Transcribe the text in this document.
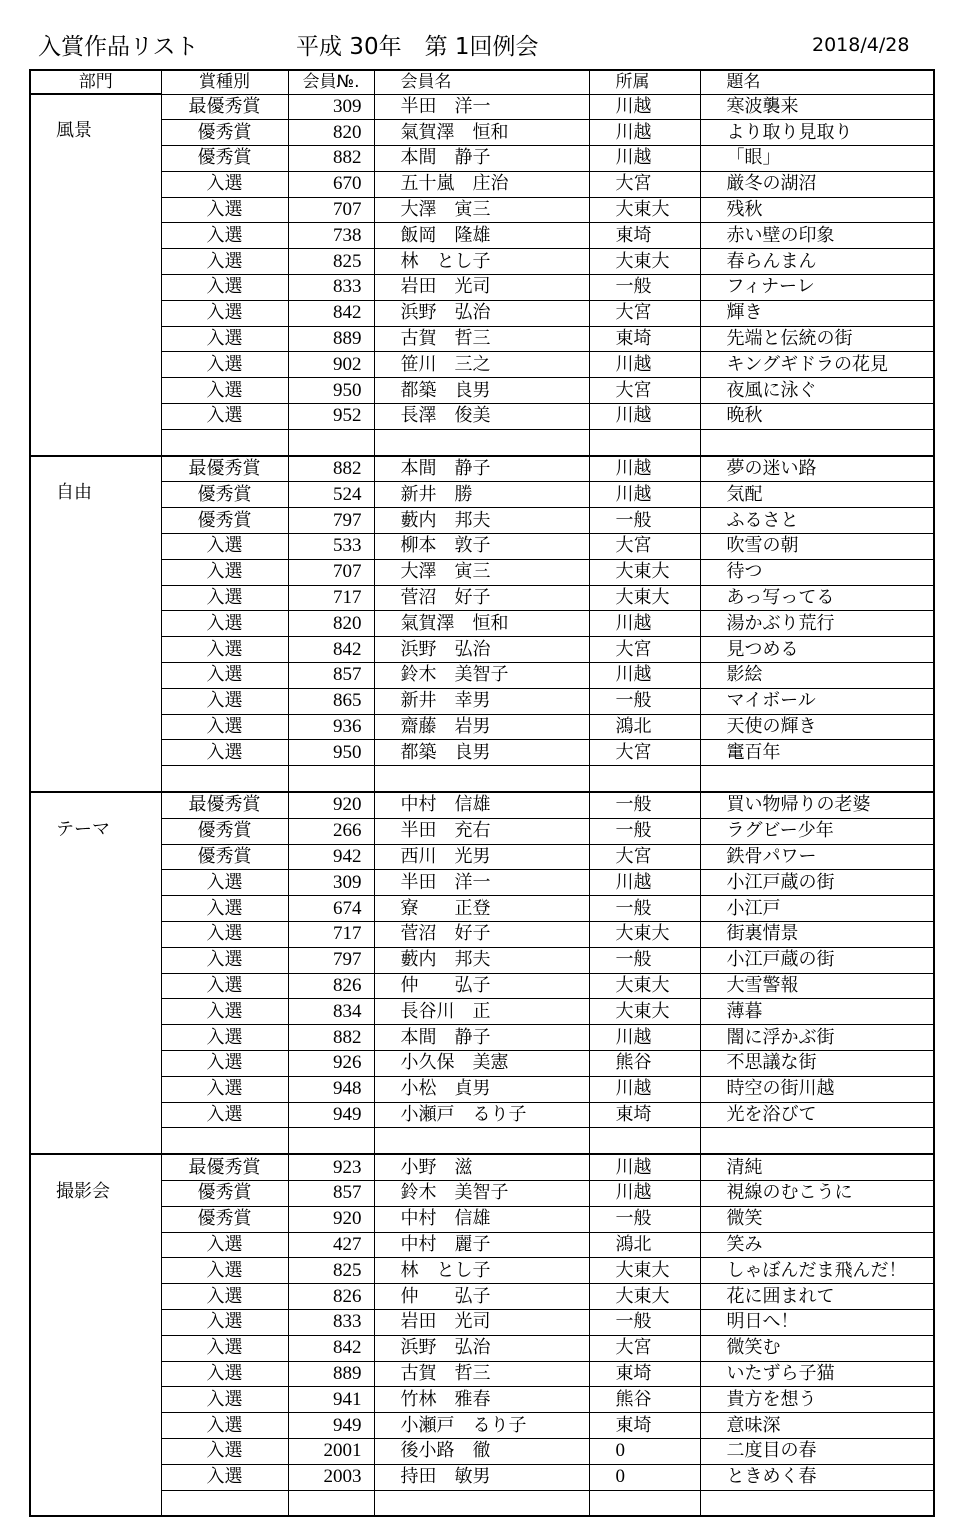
入賞作品リスト	平成 30年　第 1回例会	2018/4/28
部門	賞種別	会員№.	会員名	所属	題名
風景	最優秀賞	309	半田　洋一	川越	寒波襲来
	優秀賞	820	氣賀澤　恒和	川越	より取り見取り
	優秀賞	882	本間　静子	川越	「眼」
	入選	670	五十嵐　庄治	大宮	厳冬の湖沼
	入選	707	大澤　寅三	大東大	残秋
	入選	738	飯岡　隆雄	東埼	赤い壁の印象
	入選	825	林　とし子	大東大	春らんまん
	入選	833	岩田　光司	一般	フィナーレ
	入選	842	浜野　弘治	大宮	輝き
	入選	889	古賀　哲三	東埼	先端と伝統の街
	入選	902	笹川　三之	川越	キングギドラの花見
	入選	950	都築　良男	大宮	夜風に泳ぐ
	入選	952	長澤　俊美	川越	晩秋

自由	最優秀賞	882	本間　静子	川越	夢の迷い路
	優秀賞	524	新井　勝	川越	気配
	優秀賞	797	藪内　邦夫	一般	ふるさと
	入選	533	柳本　敦子	大宮	吹雪の朝
	入選	707	大澤　寅三	大東大	待つ
	入選	717	菅沼　好子	大東大	あっ写ってる
	入選	820	氣賀澤　恒和	川越	湯かぶり荒行
	入選	842	浜野　弘治	大宮	見つめる
	入選	857	鈴木　美智子	川越	影絵
	入選	865	新井　幸男	一般	マイボール
	入選	936	齋藤　岩男	鴻北	天使の輝き
	入選	950	都築　良男	大宮	竃百年

テーマ	最優秀賞	920	中村　信雄	一般	買い物帰りの老婆
	優秀賞	266	半田　充右	一般	ラグビー少年
	優秀賞	942	西川　光男	大宮	鉄骨パワー
	入選	309	半田　洋一	川越	小江戸蔵の街
	入選	674	寮　　正登	一般	小江戸
	入選	717	菅沼　好子	大東大	街裏情景
	入選	797	藪内　邦夫	一般	小江戸蔵の街
	入選	826	仲　　弘子	大東大	大雪警報
	入選	834	長谷川　正	大東大	薄暮
	入選	882	本間　静子	川越	闇に浮かぶ街
	入選	926	小久保　美憲	熊谷	不思議な街
	入選	948	小松　貞男	川越	時空の街川越
	入選	949	小瀬戸　るり子	東埼	光を浴びて

撮影会	最優秀賞	923	小野　滋	川越	清純
	優秀賞	857	鈴木　美智子	川越	視線のむこうに
	優秀賞	920	中村　信雄	一般	微笑
	入選	427	中村　麗子	鴻北	笑み
	入選	825	林　とし子	大東大	しゃぼんだま飛んだ！
	入選	826	仲　　弘子	大東大	花に囲まれて
	入選	833	岩田　光司	一般	明日へ！
	入選	842	浜野　弘治	大宮	微笑む
	入選	889	古賀　哲三	東埼	いたずら子猫
	入選	941	竹林　雅春	熊谷	貴方を想う
	入選	949	小瀬戸　るり子	東埼	意味深
	入選	2001	後小路　徹	0	二度目の春
	入選	2003	持田　敏男	0	ときめく春
